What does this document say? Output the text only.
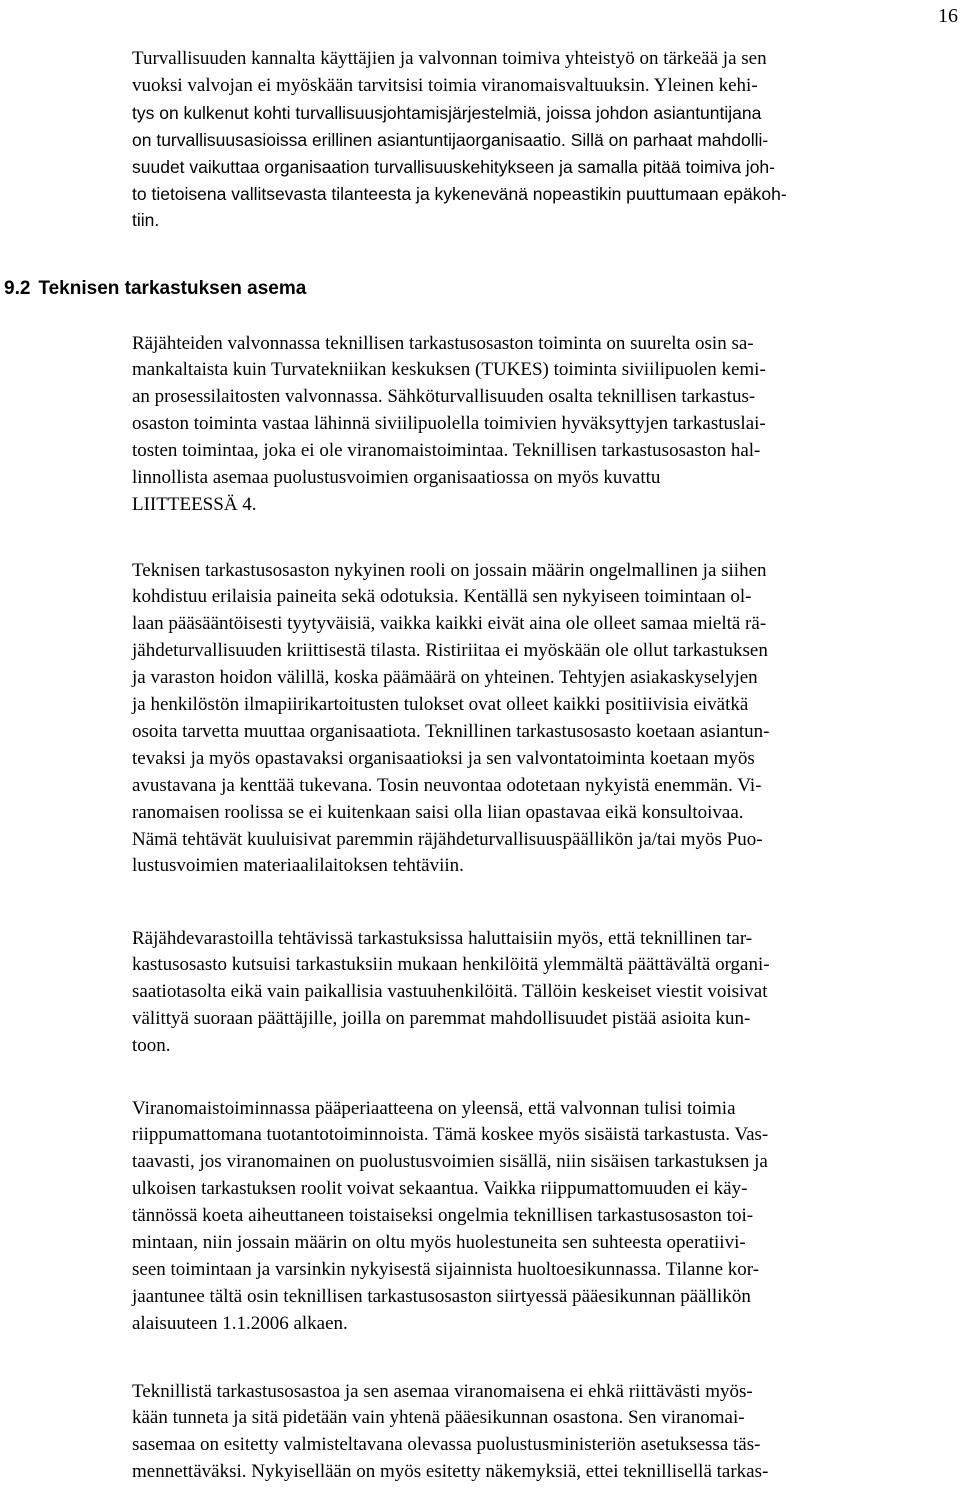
16
Turvallisuuden kannalta käyttäjien ja valvonnan toimiva yhteistyö on tärkeää ja sen
vuoksi valvojan ei myöskään tarvitsisi toimia viranomaisvaltuuksin. Yleinen kehi-
tys on kulkenut kohti turvallisuusjohtamisjärjestelmiä, joissa johdon asiantuntijana
on turvallisuusasioissa erillinen asiantuntijaorganisaatio. Sillä on parhaat mahdolli-
suudet vaikuttaa organisaation turvallisuuskehitykseen ja samalla pitää toimiva joh-
to tietoisena vallitsevasta tilanteesta ja kykenevänä nopeastikin puuttumaan epäkoh-
tiin.
9.2 Teknisen tarkastuksen asema
Räjähteiden valvonnassa teknillisen tarkastusosaston toiminta on suurelta osin sa-
mankaltaista kuin Turvatekniikan keskuksen (TUKES) toiminta siviilipuolen kemi-
an prosessilaitosten valvonnassa. Sähköturvallisuuden osalta teknillisen tarkastus-
osaston toiminta vastaa lähinnä siviilipuolella toimivien hyväksyttyjen tarkastuslai-
tosten toimintaa, joka ei ole viranomaistoimintaa. Teknillisen tarkastusosaston hal-
linnollista asemaa puolustusvoimien organisaatiossa on myös kuvattu
LIITTEESSÄ 4.
Teknisen tarkastusosaston nykyinen rooli on jossain määrin ongelmallinen ja siihen
kohdistuu erilaisia paineita sekä odotuksia. Kentällä sen nykyiseen toimintaan ol-
laan pääsääntöisesti tyytyväisiä, vaikka kaikki eivät aina ole olleet samaa mieltä rä-
jähdeturvallisuuden kriittisestä tilasta. Ristiriitaa ei myöskään ole ollut tarkastuksen
ja varaston hoidon välillä, koska päämäärä on yhteinen. Tehtyjen asiakaskyselyjen
ja henkilöstön ilmapiirikartoitusten tulokset ovat olleet kaikki positiivisia eivätkä
osoita tarvetta muuttaa organisaatiota. Teknillinen tarkastusosasto koetaan asiantun-
tevaksi ja myös opastavaksi organisaatioksi ja sen valvontatoiminta koetaan myös
avustavana ja kenttää tukevana. Tosin neuvontaa odotetaan nykyistä enemmän. Vi-
ranomaisen roolissa se ei kuitenkaan saisi olla liian opastavaa eikä konsultoivaa.
Nämä tehtävät kuuluisivat paremmin räjähdeturvallisuuspäällikön ja/tai myös Puo-
lustusvoimien materiaalilaitoksen tehtäviin.
Räjähdevarastoilla tehtävissä tarkastuksissa haluttaisiin myös, että teknillinen tar-
kastusosasto kutsuisi tarkastuksiin mukaan henkilöitä ylemmältä päättävältä organi-
saatiotasolta eikä vain paikallisia vastuuhenkilöitä. Tällöin keskeiset viestit voisivat
välittyä suoraan päättäjille, joilla on paremmat mahdollisuudet pistää asioita kun-
toon.
Viranomaistoiminnassa pääperiaatteena on yleensä, että valvonnan tulisi toimia
riippumattomana tuotantotoiminnoista. Tämä koskee myös sisäistä tarkastusta. Vas-
taavasti, jos viranomainen on puolustusvoimien sisällä, niin sisäisen tarkastuksen ja
ulkoisen tarkastuksen roolit voivat sekaantua. Vaikka riippumattomuuden ei käy-
tännössä koeta aiheuttaneen toistaiseksi ongelmia teknillisen tarkastusosaston toi-
mintaan, niin jossain määrin on oltu myös huolestuneita sen suhteesta operatiivi-
seen toimintaan ja varsinkin nykyisestä sijainnista huoltoesikunnassa. Tilanne kor-
jaantunee tältä osin teknillisen tarkastusosaston siirtyessä pääesikunnan päällikön
alaisuuteen 1.1.2006 alkaen.
Teknillistä tarkastusosastoa ja sen asemaa viranomaisena ei ehkä riittävästi myös-
kään tunneta ja sitä pidetään vain yhtenä pääesikunnan osastona. Sen viranomai-
sasemaa on esitetty valmisteltavana olevassa puolustusministeriön asetuksessa täs-
mennettäväksi. Nykyisellään on myös esitetty näkemyksiä, ettei teknillisellä tarkas-
